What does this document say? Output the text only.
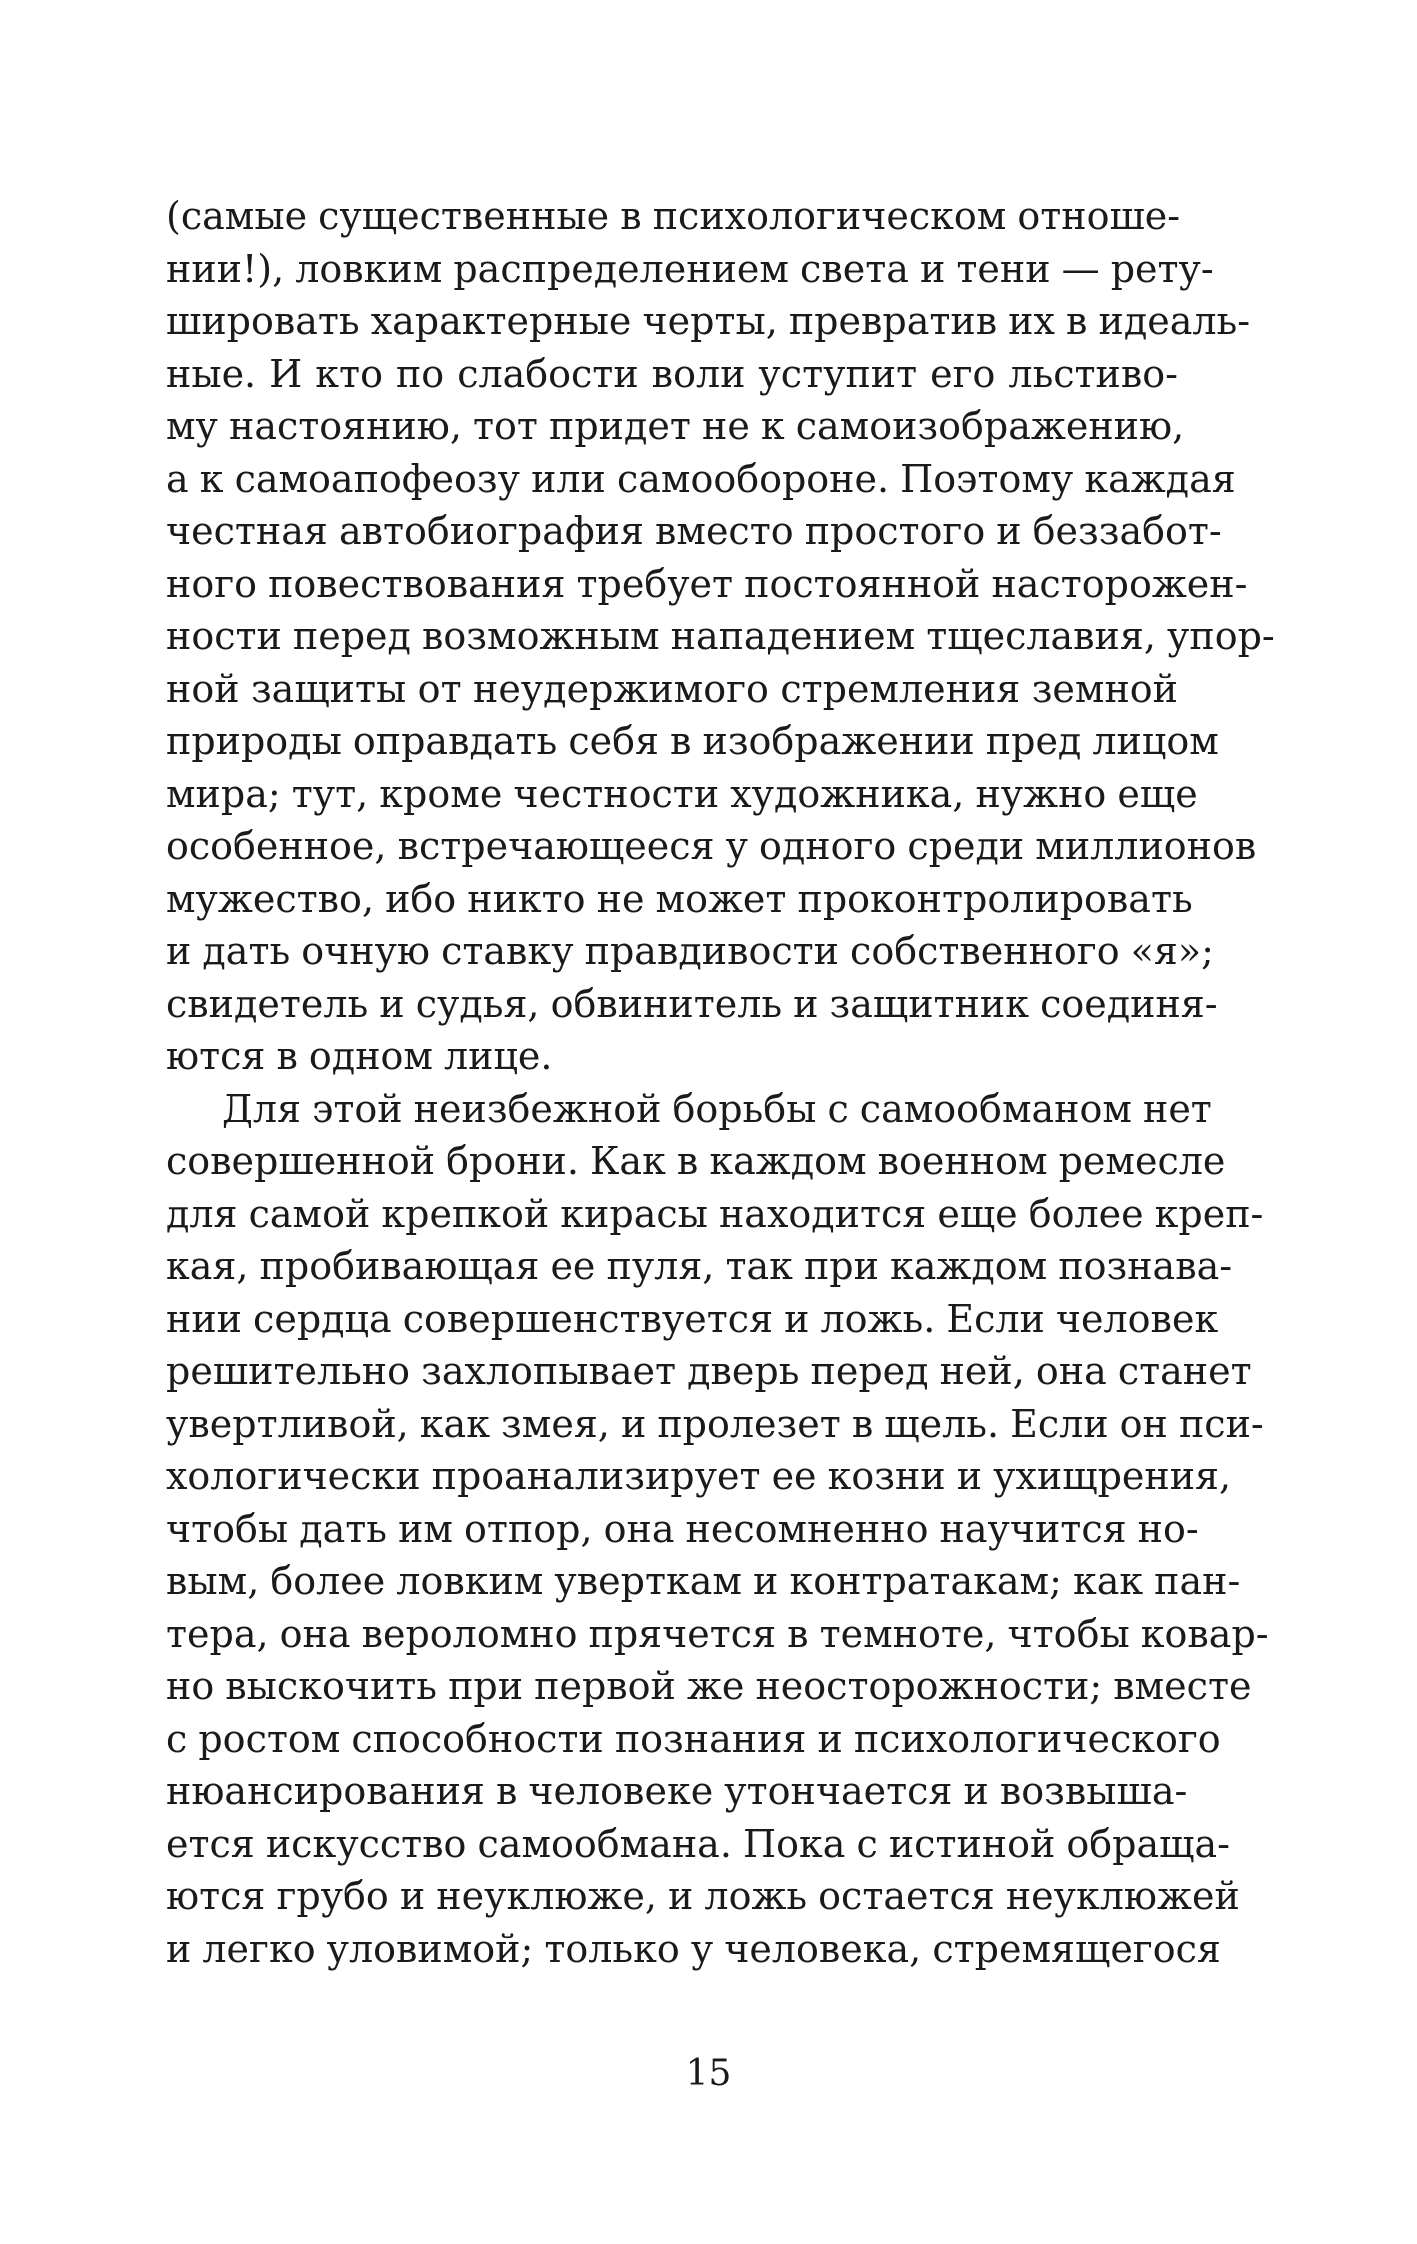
(самые существенные в психологическом отноше-
нии!), ловким распределением света и тени — рету-
шировать характерные черты, превратив их в идеаль-
ные. И кто по слабости воли уступит его льстиво-
му настоянию, тот придет не к самоизображению,
а к самоапофеозу или самообороне. Поэтому каждая
честная автобиография вместо простого и беззабот-
ного повествования требует постоянной насторожен-
ности перед возможным нападением тщеславия, упор-
ной защиты от неудержимого стремления земной
природы оправдать себя в изображении пред лицом
мира; тут, кроме честности художника, нужно еще
особенное, встречающееся у одного среди миллионов
мужество, ибо никто не может проконтролировать
и дать очную ставку правдивости собственного «я»;
свидетель и судья, обвинитель и защитник соединя-
ются в одном лице.
Для этой неизбежной борьбы с самообманом нет
совершенной брони. Как в каждом военном ремесле
для самой крепкой кирасы находится еще более креп-
кая, пробивающая ее пуля, так при каждом познава-
нии сердца совершенствуется и ложь. Если человек
решительно захлопывает дверь перед ней, она станет
увертливой, как змея, и пролезет в щель. Если он пси-
хологически проанализирует ее козни и ухищрения,
чтобы дать им отпор, она несомненно научится но-
вым, более ловким уверткам и контратакам; как пан-
тера, она вероломно прячется в темноте, чтобы ковар-
но выскочить при первой же неосторожности; вместе
с ростом способности познания и психологического
нюансирования в человеке утончается и возвыша-
ется искусство самообмана. Пока с истиной обраща-
ются грубо и неуклюже, и ложь остается неуклюжей
и легко уловимой; только у человека, стремящегося
15
